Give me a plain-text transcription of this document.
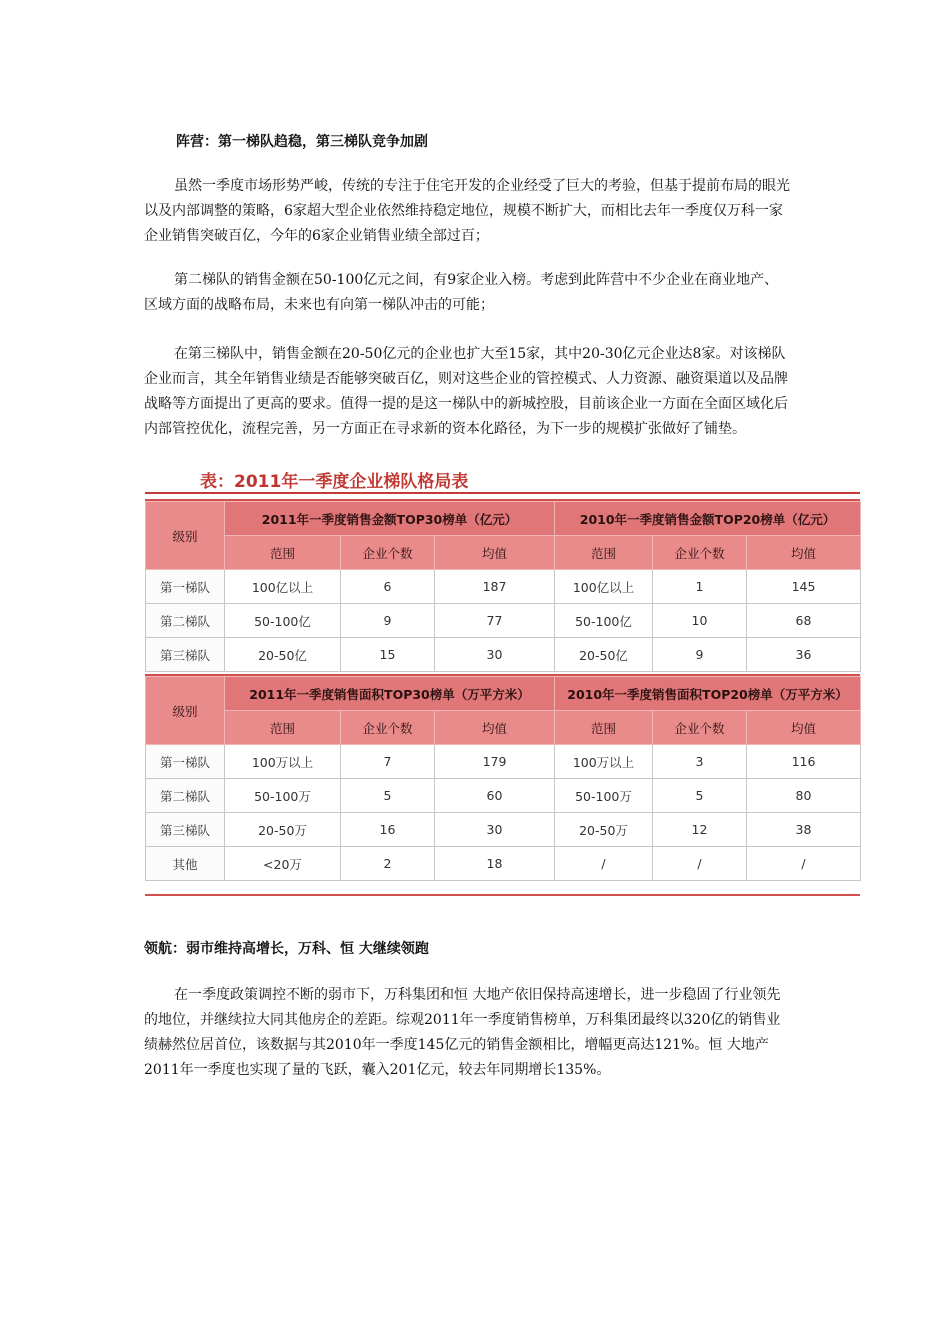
阵营：第一梯队趋稳，第三梯队竞争加剧
虽然一季度市场形势严峻，传统的专注于住宅开发的企业经受了巨大的考验，但基于提前布局的眼光
以及内部调整的策略，6家超大型企业依然维持稳定地位，规模不断扩大，而相比去年一季度仅万科一家
企业销售突破百亿，今年的6家企业销售业绩全部过百；
第二梯队的销售金额在50-100亿元之间，有9家企业入榜。考虑到此阵营中不少企业在商业地产、
区域方面的战略布局，未来也有向第一梯队冲击的可能；
在第三梯队中，销售金额在20-50亿元的企业也扩大至15家，其中20-30亿元企业达8家。对该梯队
企业而言，其全年销售业绩是否能够突破百亿，则对这些企业的管控模式、人力资源、融资渠道以及品牌
战略等方面提出了更高的要求。值得一提的是这一梯队中的新城控股，目前该企业一方面在全面区域化后
内部管控优化，流程完善，另一方面正在寻求新的资本化路径，为下一步的规模扩张做好了铺垫。
表：2011年一季度企业梯队格局表
级别	2011年一季度销售金额TOP30榜单（亿元）			2010年一季度销售金额TOP20榜单（亿元）		
	范围	企业个数	均值	范围	企业个数	均值
第一梯队	100亿以上	6	187	100亿以上	1	145
第二梯队	50-100亿	9	77	50-100亿	10	68
第三梯队	20-50亿	15	30	20-50亿	9	36
级别	2011年一季度销售面积TOP30榜单（万平方米）			2010年一季度销售面积TOP20榜单（万平方米）		
	范围	企业个数	均值	范围	企业个数	均值
第一梯队	100万以上	7	179	100万以上	3	116
第二梯队	50-100万	5	60	50-100万	5	80
第三梯队	20-50万	16	30	20-50万	12	38
其他	<20万	2	18	/	/	/
领航：弱市维持高增长，万科、恒 大继续领跑
在一季度政策调控不断的弱市下，万科集团和恒 大地产依旧保持高速增长，进一步稳固了行业领先
的地位，并继续拉大同其他房企的差距。综观2011年一季度销售榜单，万科集团最终以320亿的销售业
绩赫然位居首位，该数据与其2010年一季度145亿元的销售金额相比，增幅更高达121%。恒 大地产
2011年一季度也实现了量的飞跃，囊入201亿元，较去年同期增长135%。
